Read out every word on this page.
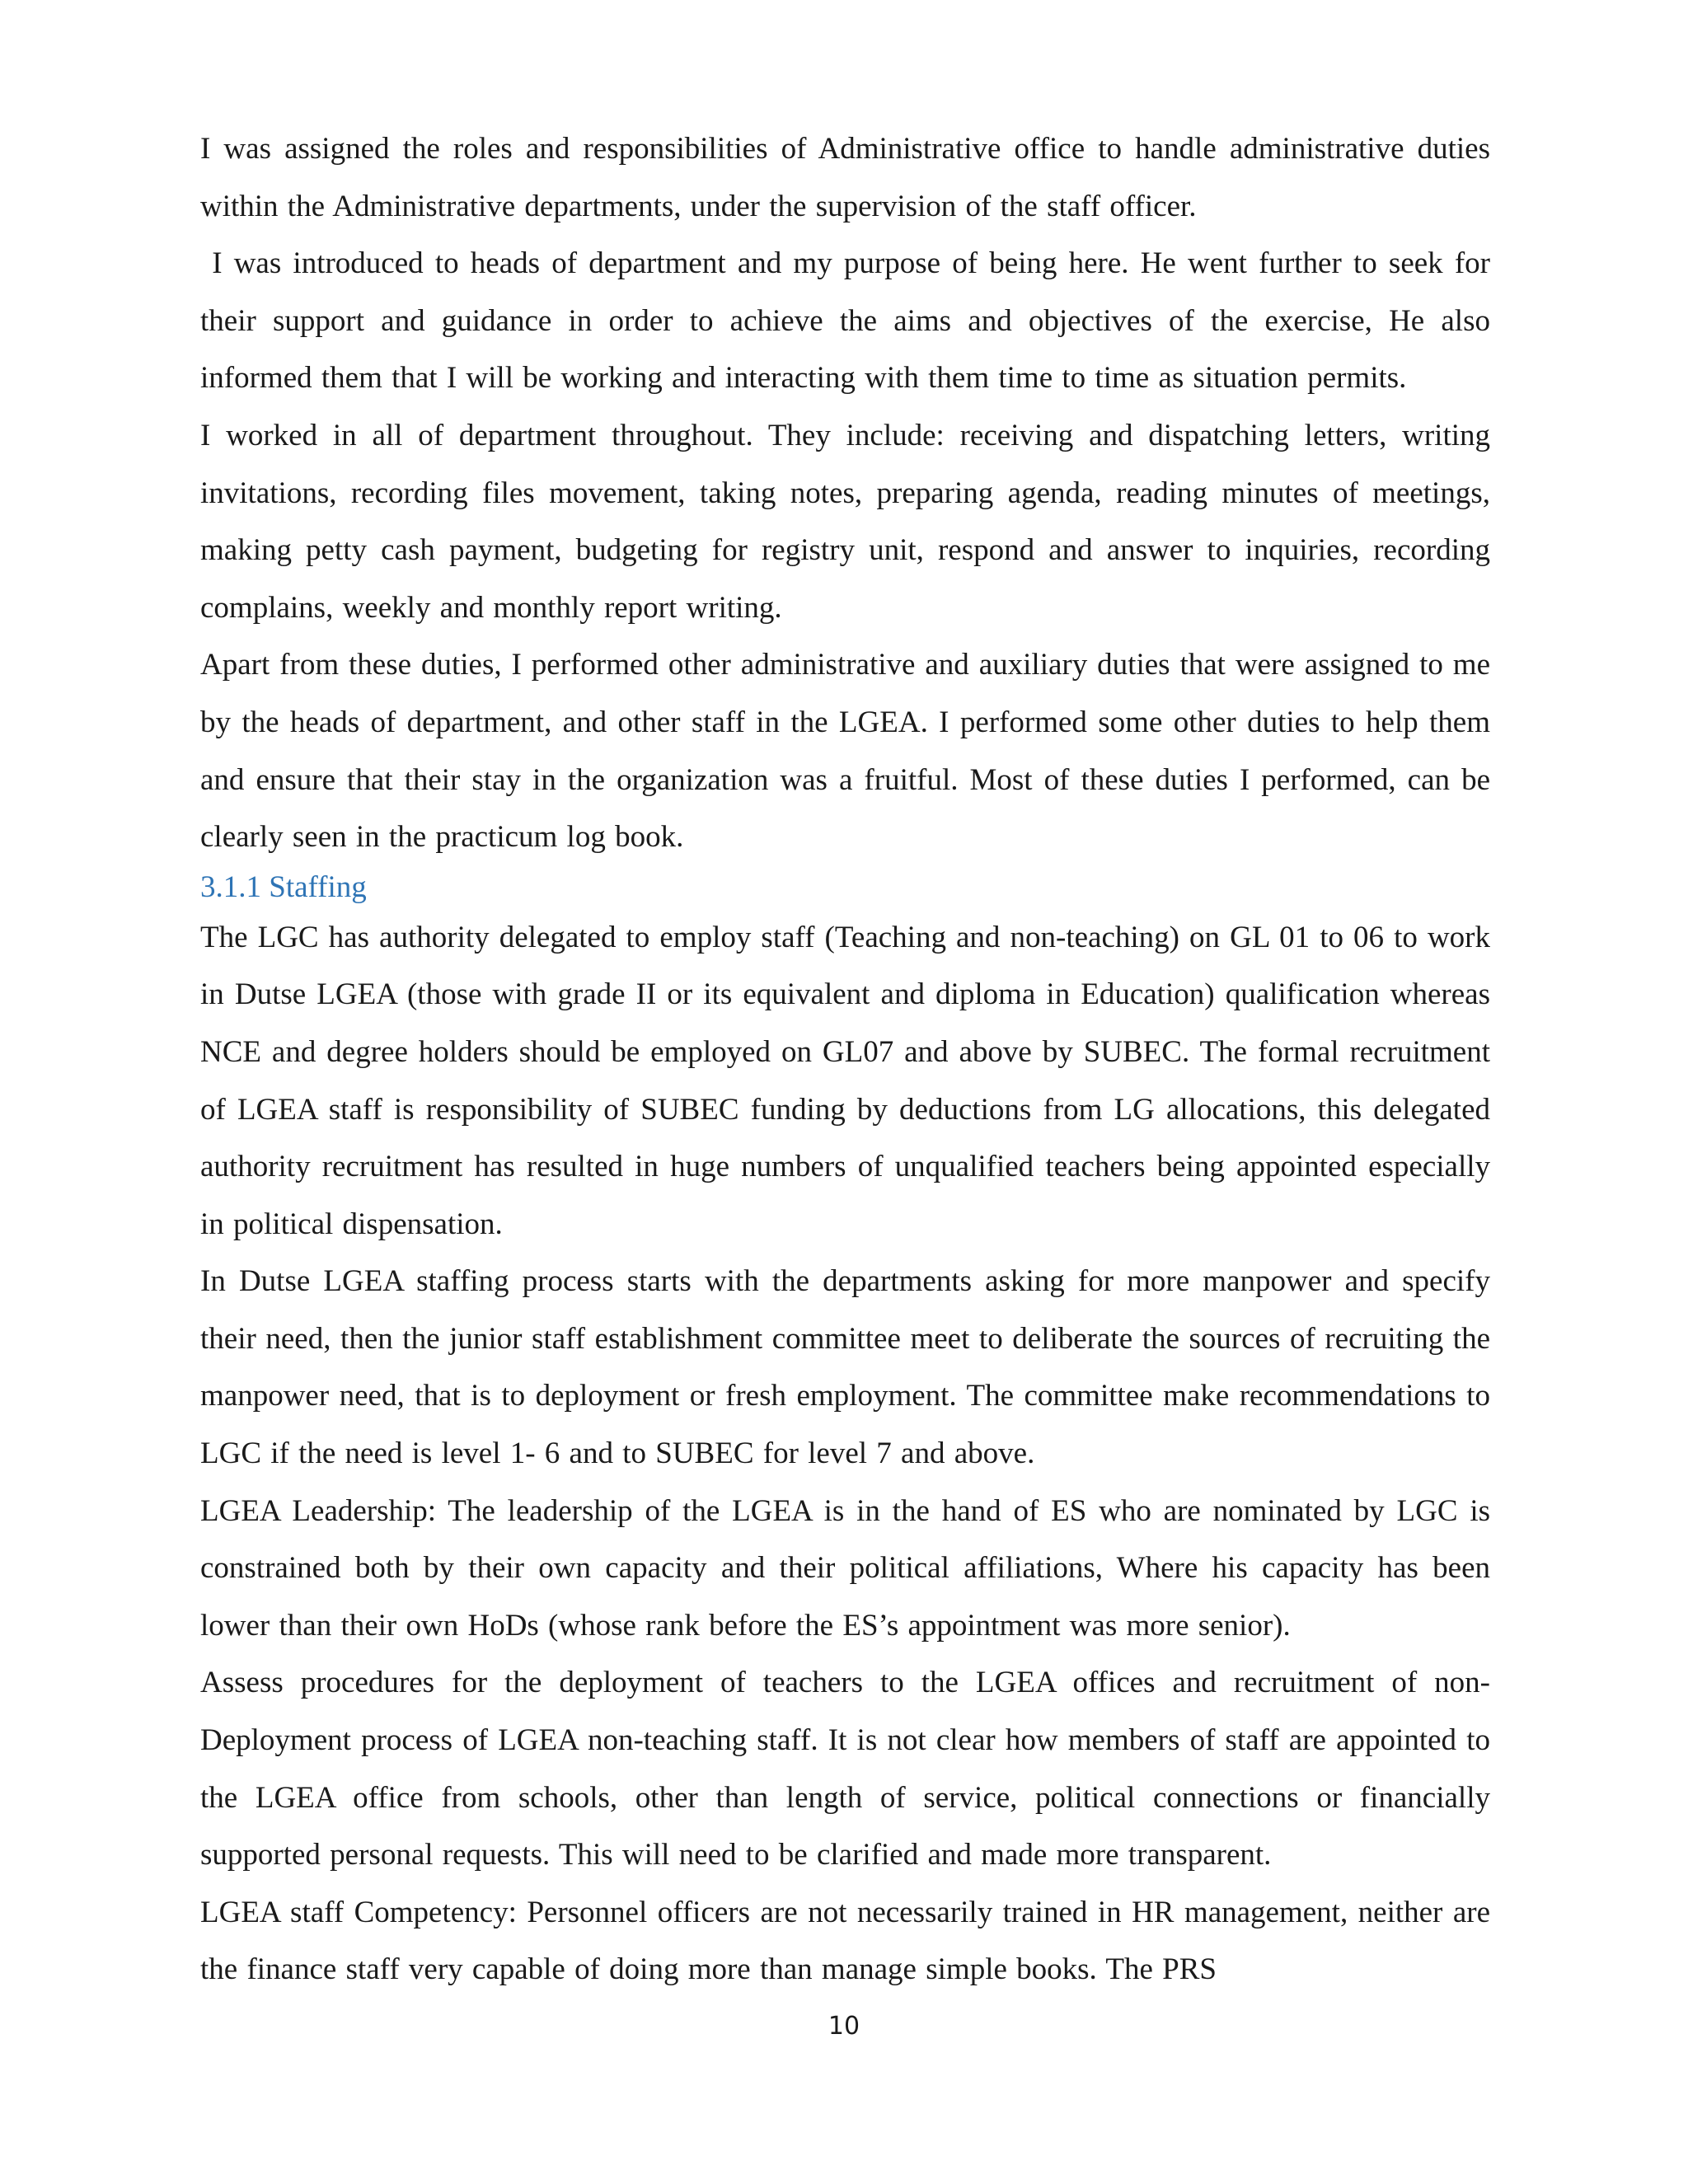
I was assigned the roles and responsibilities of Administrative office to handle administrative duties within the Administrative departments, under the supervision of the staff officer.

I was introduced to heads of department and my purpose of being here. He went further to seek for their support and guidance in order to achieve the aims and objectives of the exercise, He also informed them that I will be working and interacting with them time to time as situation permits.

I worked in all of department throughout. They include: receiving and dispatching letters, writing invitations, recording files movement, taking notes, preparing agenda, reading minutes of meetings, making petty cash payment, budgeting for registry unit, respond and answer to inquiries, recording complains, weekly and monthly report writing.

Apart from these duties, I performed other administrative and auxiliary duties that were assigned to me by the heads of department, and other staff in the LGEA. I performed some other duties to help them and ensure that their stay in the organization was a fruitful. Most of these duties I performed, can be clearly seen in the practicum log book.

3.1.1 Staffing

The LGC has authority delegated to employ staff (Teaching and non-teaching) on GL 01 to 06 to work in Dutse LGEA (those with grade II or its equivalent and diploma in Education) qualification whereas NCE and degree holders should be employed on GL07 and above by SUBEC. The formal recruitment of LGEA staff is responsibility of SUBEC funding by deductions from LG allocations, this delegated authority recruitment has resulted in huge numbers of unqualified teachers being appointed especially in political dispensation.

In Dutse LGEA staffing process starts with the departments asking for more manpower and specify their need, then the junior staff establishment committee meet to deliberate the sources of recruiting the manpower need, that is to deployment or fresh employment. The committee make recommendations to LGC if the need is level 1- 6 and to SUBEC for level 7 and above.

LGEA Leadership: The leadership of the LGEA is in the hand of ES who are nominated by LGC is constrained both by their own capacity and their political affiliations, Where his capacity has been lower than their own HoDs (whose rank before the ES’s appointment was more senior).

Assess procedures for the deployment of teachers to the LGEA offices and recruitment of non-Deployment process of LGEA non-teaching staff. It is not clear how members of staff are appointed to the LGEA office from schools, other than length of service, political connections or financially supported personal requests. This will need to be clarified and made more transparent.

LGEA staff Competency: Personnel officers are not necessarily trained in HR management, neither are the finance staff very capable of doing more than manage simple books. The PRS

10
